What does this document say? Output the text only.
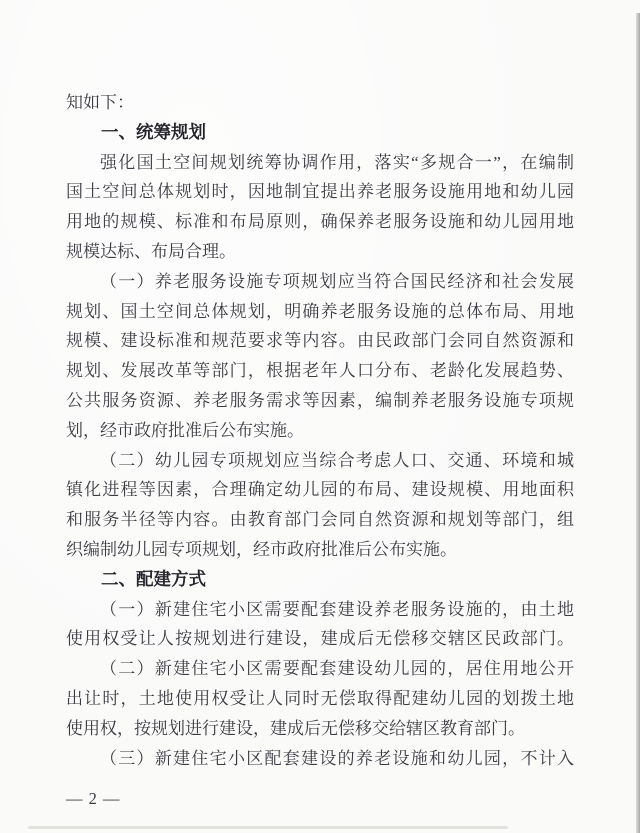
知如下：
一、统筹规划
强化国土空间规划统筹协调作用，落实“多规合一”，在编制
国土空间总体规划时，因地制宜提出养老服务设施用地和幼儿园
用地的规模、标准和布局原则，确保养老服务设施和幼儿园用地
规模达标、布局合理。
（一）养老服务设施专项规划应当符合国民经济和社会发展
规划、国土空间总体规划，明确养老服务设施的总体布局、用地
规模、建设标准和规范要求等内容。由民政部门会同自然资源和
规划、发展改革等部门，根据老年人口分布、老龄化发展趋势、
公共服务资源、养老服务需求等因素，编制养老服务设施专项规
划，经市政府批准后公布实施。
（二）幼儿园专项规划应当综合考虑人口、交通、环境和城
镇化进程等因素，合理确定幼儿园的布局、建设规模、用地面积
和服务半径等内容。由教育部门会同自然资源和规划等部门，组
织编制幼儿园专项规划，经市政府批准后公布实施。
二、配建方式
（一）新建住宅小区需要配套建设养老服务设施的，由土地
使用权受让人按规划进行建设，建成后无偿移交辖区民政部门。
（二）新建住宅小区需要配套建设幼儿园的，居住用地公开
出让时，土地使用权受让人同时无偿取得配建幼儿园的划拨土地
使用权，按规划进行建设，建成后无偿移交给辖区教育部门。
（三）新建住宅小区配套建设的养老设施和幼儿园，不计入
— 2 —
